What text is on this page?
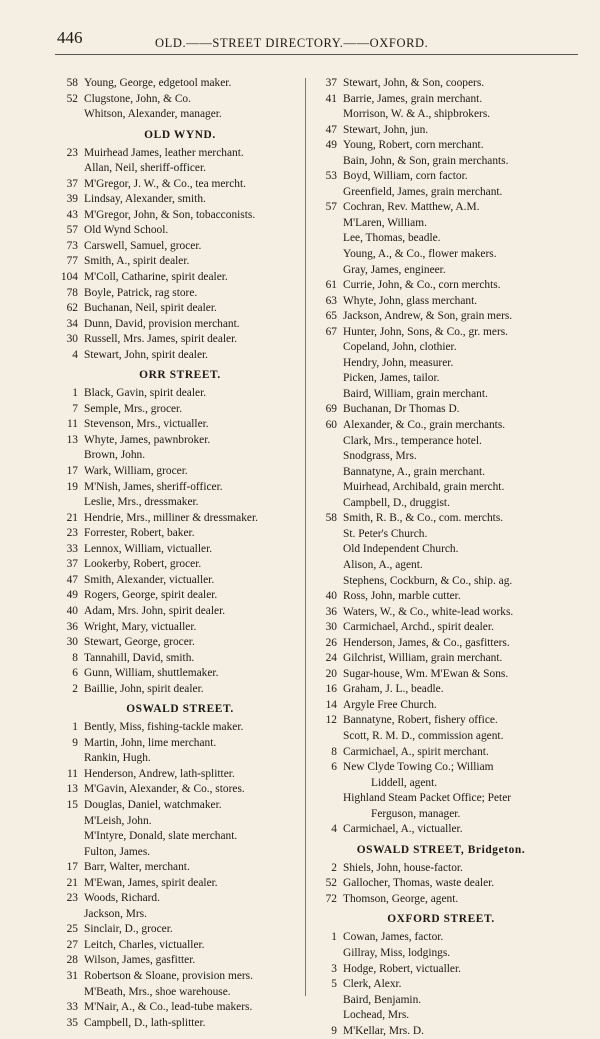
446	OLD.——STREET DIRECTORY.——OXFORD.
58 Young, George, edgetool maker.
52 Clugstone, John, & Co.
Whitson, Alexander, manager.
OLD WYND.
23 Muirhead James, leather merchant.
Allan, Neil, sheriff-officer.
37 M'Gregor, J. W., & Co., tea mercht.
39 Lindsay, Alexander, smith.
43 M'Gregor, John, & Son, tobacconists.
57 Old Wynd School.
73 Carswell, Samuel, grocer.
77 Smith, A., spirit dealer.
104 M'Coll, Catharine, spirit dealer.
78 Boyle, Patrick, rag store.
62 Buchanan, Neil, spirit dealer.
34 Dunn, David, provision merchant.
30 Russell, Mrs. James, spirit dealer.
4 Stewart, John, spirit dealer.
ORR STREET.
1 Black, Gavin, spirit dealer.
7 Semple, Mrs., grocer.
11 Stevenson, Mrs., victualler.
13 Whyte, James, pawnbroker.
Brown, John.
17 Wark, William, grocer.
19 M'Nish, James, sheriff-officer.
Leslie, Mrs., dressmaker.
21 Hendrie, Mrs., milliner & dressmaker.
23 Forrester, Robert, baker.
33 Lennox, William, victualler.
37 Lookerby, Robert, grocer.
47 Smith, Alexander, victualler.
49 Rogers, George, spirit dealer.
40 Adam, Mrs. John, spirit dealer.
36 Wright, Mary, victualler.
30 Stewart, George, grocer.
8 Tannahill, David, smith.
6 Gunn, William, shuttlemaker.
2 Baillie, John, spirit dealer.
OSWALD STREET.
1 Bently, Miss, fishing-tackle maker.
9 Martin, John, lime merchant.
Rankin, Hugh.
11 Henderson, Andrew, lath-splitter.
13 M'Gavin, Alexander, & Co., stores.
15 Douglas, Daniel, watchmaker.
M'Leish, John.
M'Intyre, Donald, slate merchant.
Fulton, James.
17 Barr, Walter, merchant.
21 M'Ewan, James, spirit dealer.
23 Woods, Richard.
Jackson, Mrs.
25 Sinclair, D., grocer.
27 Leitch, Charles, victualler.
28 Wilson, James, gasfitter.
31 Robertson & Sloane, provision mers.
M'Beath, Mrs., shoe warehouse.
33 M'Nair, A., & Co., lead-tube makers.
35 Campbell, D., lath-splitter.
37 Stewart, John, & Son, coopers.
41 Barrie, James, grain merchant.
Morrison, W. & A., shipbrokers.
47 Stewart, John, jun.
49 Young, Robert, corn merchant.
Bain, John, & Son, grain merchants.
53 Boyd, William, corn factor.
Greenfield, James, grain merchant.
57 Cochran, Rev. Matthew, A.M.
M'Laren, William.
Lee, Thomas, beadle.
Young, A., & Co., flower makers.
Gray, James, engineer.
61 Currie, John, & Co., corn merchts.
63 Whyte, John, glass merchant.
65 Jackson, Andrew, & Son, grain mers.
67 Hunter, John, Sons, & Co., gr. mers.
Copeland, John, clothier.
Hendry, John, measurer.
Picken, James, tailor.
Baird, William, grain merchant.
69 Buchanan, Dr Thomas D.
60 Alexander, & Co., grain merchants.
Clark, Mrs., temperance hotel.
Snodgrass, Mrs.
Bannatyne, A., grain merchant.
Muirhead, Archibald, grain mercht.
Campbell, D., druggist.
58 Smith, R. B., & Co., com. merchts.
St. Peter's Church.
Old Independent Church.
Alison, A., agent.
Stephens, Cockburn, & Co., ship. ag.
40 Ross, John, marble cutter.
36 Waters, W., & Co., white-lead works.
30 Carmichael, Archd., spirit dealer.
26 Henderson, James, & Co., gasfitters.
24 Gilchrist, William, grain merchant.
20 Sugar-house, Wm. M'Ewan & Sons.
16 Graham, J. L., beadle.
14 Argyle Free Church.
12 Bannatyne, Robert, fishery office.
Scott, R. M. D., commission agent.
8 Carmichael, A., spirit merchant.
6 New Clyde Towing Co.; William
Liddell, agent.
Highland Steam Packet Office; Peter
Ferguson, manager.
4 Carmichael, A., victualler.
OSWALD STREET, Bridgeton.
2 Shiels, John, house-factor.
52 Gallocher, Thomas, waste dealer.
72 Thomson, George, agent.
OXFORD STREET.
1 Cowan, James, factor.
Gillray, Miss, lodgings.
3 Hodge, Robert, victualler.
5 Clerk, Alexr.
Baird, Benjamin.
Lochead, Mrs.
9 M'Kellar, Mrs. D.
